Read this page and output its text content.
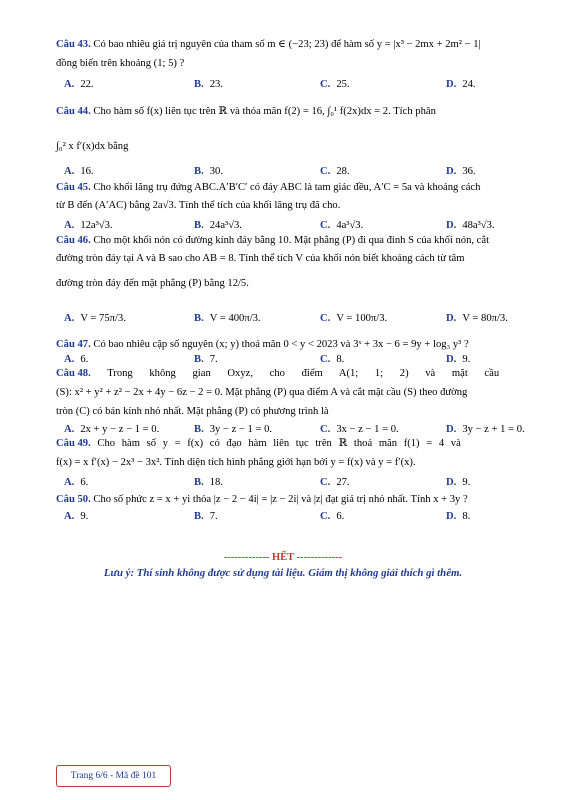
Câu 43. Có bao nhiêu giá trị nguyên của tham số m ∈ (−23; 23) để hàm số y = |x³ − 2mx + 2m² − 1|
đồng biến trên khoảng (1; 5) ?
A. 22.	B. 23.	C. 25.	D. 24.
Câu 44. Cho hàm số f(x) liên tục trên ℝ và thỏa mãn f(2) = 16, ∫₀¹ f(2x)dx = 2. Tích phân
∫₀² x f′(x)dx bằng
A. 16.	B. 30.	C. 28.	D. 36.
Câu 45. Cho khối lăng trụ đứng ABC.A′B′C′ có đáy ABC là tam giác đều, A′C = 5a và khoảng cách
từ B đến (A′AC) bằng 2a√3. Tính thể tích của khối lăng trụ đã cho.
A. 12a³√3.	B. 24a³√3.	C. 4a³√3.	D. 48a³√3.
Câu 46. Cho một khối nón có đường kính đáy bằng 10. Mặt phẳng (P) đi qua đỉnh S của khối nón, cắt
đường tròn đáy tại A và B sao cho AB = 8. Tính thể tích V của khối nón biết khoảng cách từ tâm
đường tròn đáy đến mặt phẳng (P) bằng 12/5.
A. V = 75π/3.	B. V = 400π/3.	C. V = 100π/3.	D. V = 80π/3.
Câu 47. Có bao nhiêu cặp số nguyên (x; y) thoả mãn 0 < y < 2023 và 3ˣ + 3x − 6 = 9y + log₃ y³ ?
A. 6.	B. 7.	C. 8.	D. 9.
Câu 48. Trong không gian Oxyz, cho điểm A(1; 1; 2) và mặt cầu
(S): x² + y² + z² − 2x + 4y − 6z − 2 = 0. Mặt phẳng (P) qua điểm A và cắt mặt cầu (S) theo đường
tròn (C) có bán kính nhỏ nhất. Mặt phẳng (P) có phương trình là
A. 2x + y − z − 1 = 0.	B. 3y − z − 1 = 0.	C. 3x − z − 1 = 0.	D. 3y − z + 1 = 0.
Câu 49. Cho hàm số y = f(x) có đạo hàm liên tục trên ℝ thoả mãn f(1) = 4 và
f(x) = x f′(x) − 2x³ − 3x². Tính diện tích hình phẳng giới hạn bởi y = f(x) và y = f′(x).
A. 6.	B. 18.	C. 27.	D. 9.
Câu 50. Cho số phức z = x + yi thỏa |z − 2 − 4i| = |z − 2i| và |z| đạt giá trị nhỏ nhất. Tính x + 3y ?
A. 9.	B. 7.	C. 6.	D. 8.
------------- HẾT -------------
Lưu ý: Thí sinh không được sử dụng tài liệu. Giám thị không giải thích gì thêm.
Trang 6/6 - Mã đề 101
